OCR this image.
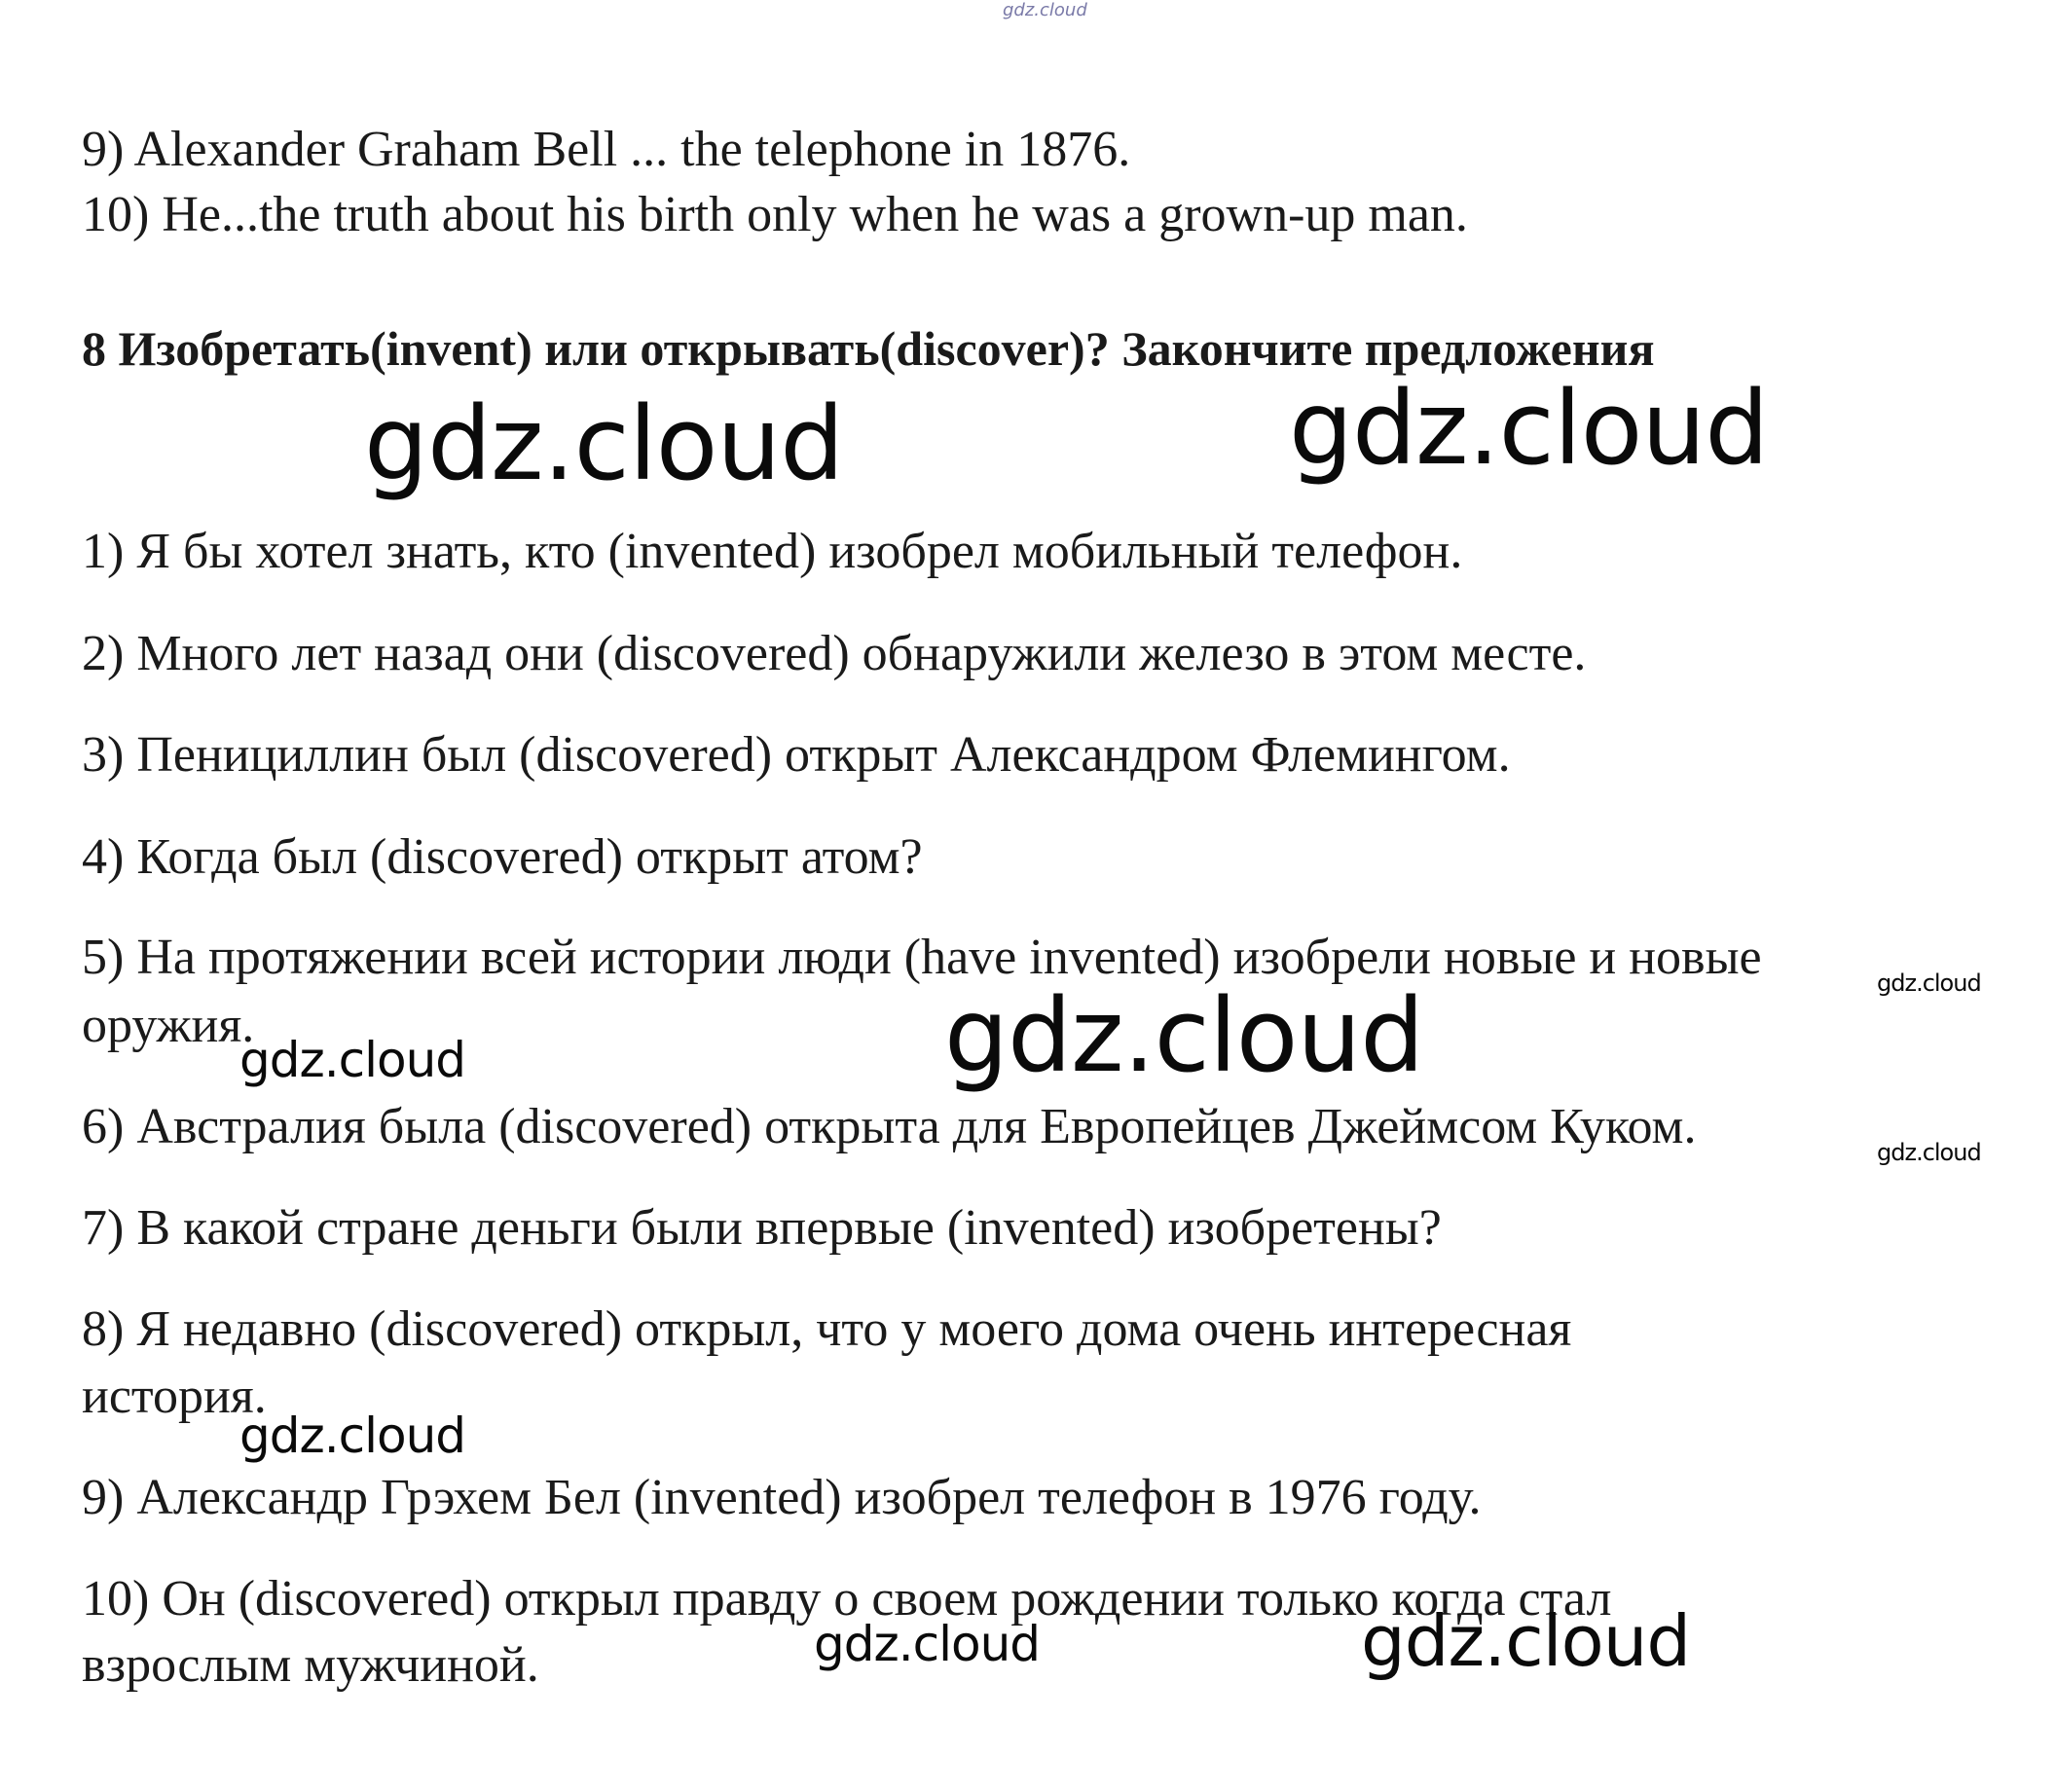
gdz.cloud
9) Alexander Graham Bell ... the telephone in 1876.
10) He...the truth about his birth only when he was a grown-up man.
8 Изобретать(invent) или открывать(discover)? Закончите предложения
1) Я бы хотел знать, кто (invented) изобрел мобильный телефон.
2) Много лет назад они (discovered) обнаружили железо в этом месте.
3) Пенициллин был (discovered) открыт Александром Флемингом.
4) Когда был (discovered) открыт атом?
5) На протяжении всей истории люди (have invented) изобрели новые и новые
оружия.
6) Австралия была (discovered) открыта для Европейцев Джеймсом Куком.
7) В какой стране деньги были впервые (invented) изобретены?
8) Я недавно (discovered) открыл, что у моего дома очень интересная
история.
9) Александр Грэхем Бел (invented) изобрел телефон в 1976 году.
10) Он (discovered) открыл правду о своем рождении только когда стал
взрослым мужчиной.
gdz.cloud	gdz.cloud
gdz.cloud
gdz.cloud
gdz.cloud
gdz.cloud
gdz.cloud
gdz.cloud
gdz.cloud
